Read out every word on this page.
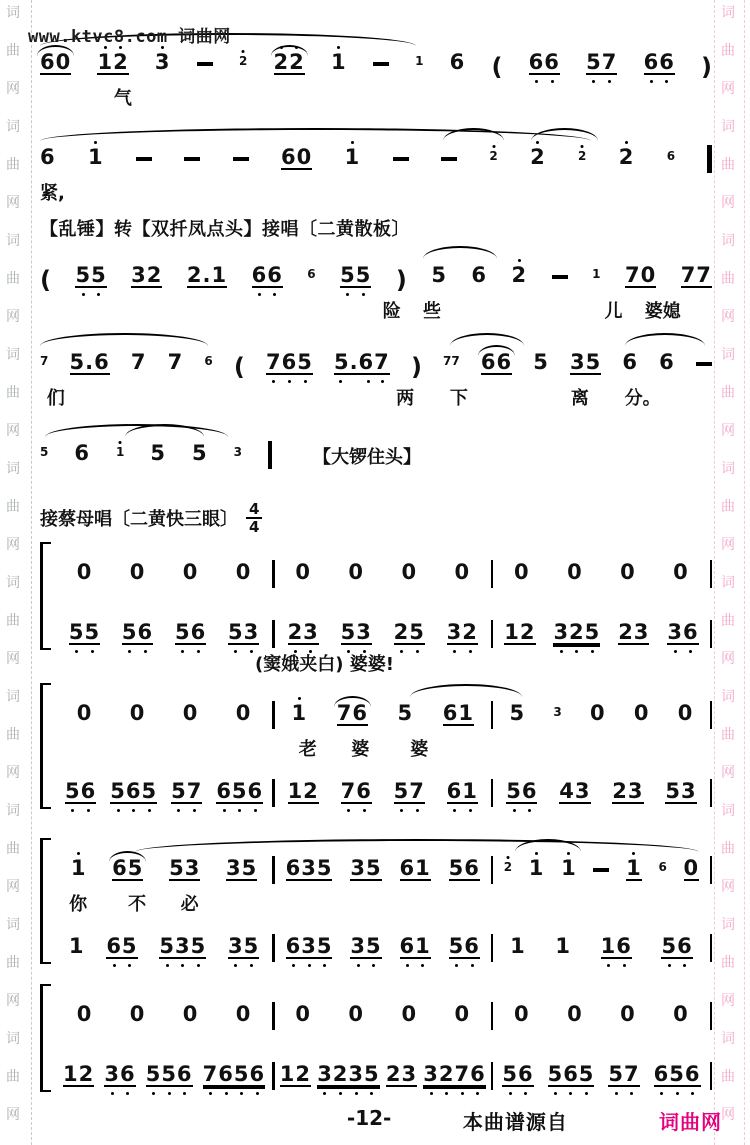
词
曲
网
词
曲
网
词
曲
网
词
曲
网
词
曲
网
词
曲
网
词
曲
网
词
曲
网
词
曲
网
词
曲
网
词
曲
网
词
曲
网
词
曲
网
词
曲
网
词
曲
网
词
曲
网
词
曲
网
词
曲
网
词
曲
网
词
曲
网
www.ktvc8.com 词曲网
60 12 3	2 22 1	1 6 ( 66 57 66 )
气
6 1	60 1	2 2	2 2	6
紧,
【乱锤】转【双扦凤点头】接唱〔二黄散板〕
( 55 32 2.1 66 6 55 ) 5 6 2	1 70 77
险 些	儿 婆媳
7 5.6 7 7 6 ( 765 5.67 ) 77 66 5 35 6 6
们	两 下	离 分。
5 6 1 5 5 3	【大锣住头】
接蔡母唱〔二黄快三眼〕
4
4
0 0 0 0 0 0 0 0 0 0 0 0
55 56 56 53 23 53 25 32 12 325 23 36
(窦娥夹白) 婆婆!
0 0 0 0 1 76 5 61 5 3 0 0 0
老 婆 婆
56 565 57 656 12 76 57 61 56 43 23 53
1 65 53 35 635 35 61 56 2 1 1 1 6 0
你 不 必
1 65 535 35 635 35 61 56 1 1 16 56
0 0 0 0 0 0 0 0 0 0 0 0
12 36 556 7656 12 3235 23 3276 56 565 57 656
-12-	本曲谱源自	词曲网
